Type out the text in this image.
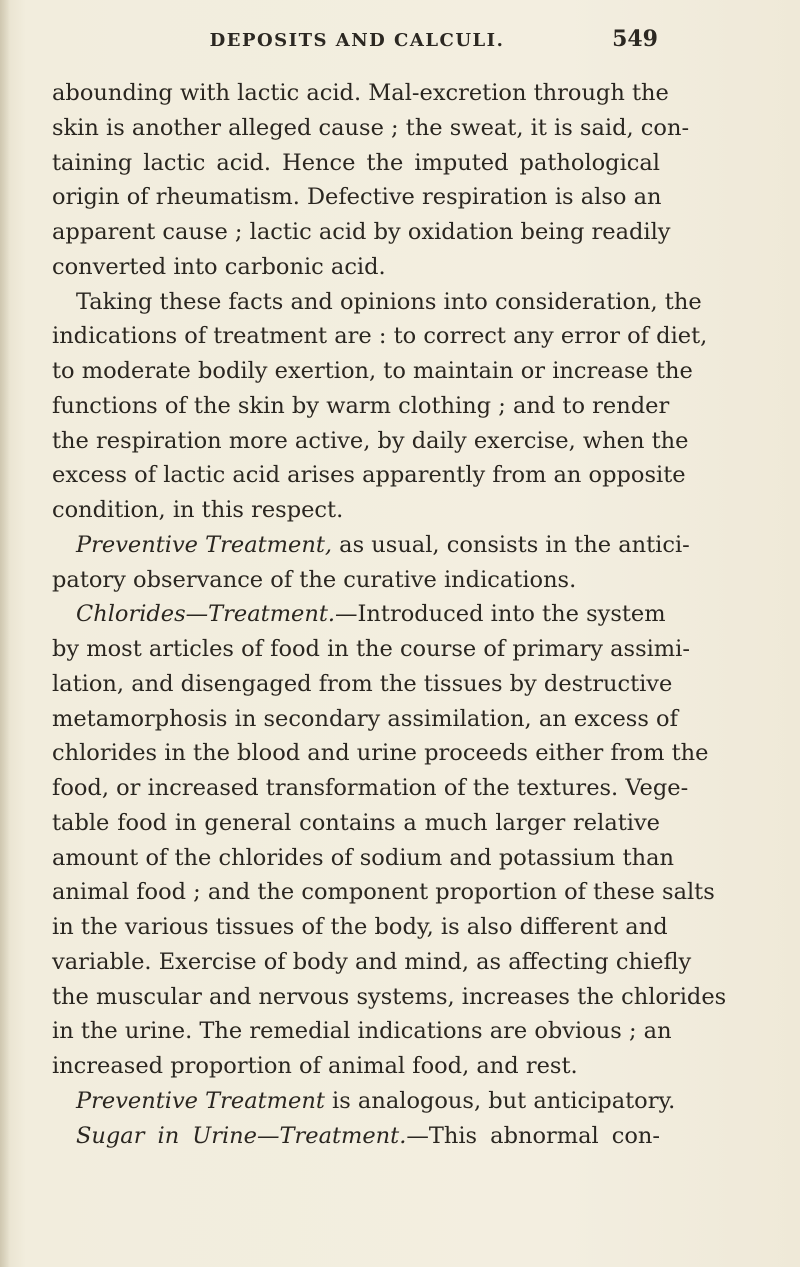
DEPOSITS AND CALCULI.	549
abounding with lactic acid. Mal-excretion through the
skin is another alleged cause ; the sweat, it is said, con-
taining lactic acid. Hence the imputed pathological
origin of rheumatism. Defective respiration is also an
apparent cause ; lactic acid by oxidation being readily
converted into carbonic acid.
Taking these facts and opinions into consideration, the
indications of treatment are : to correct any error of diet,
to moderate bodily exertion, to maintain or increase the
functions of the skin by warm clothing ; and to render
the respiration more active, by daily exercise, when the
excess of lactic acid arises apparently from an opposite
condition, in this respect.
Preventive Treatment, as usual, consists in the antici-
patory observance of the curative indications.
Chlorides—Treatment.—Introduced into the system
by most articles of food in the course of primary assimi-
lation, and disengaged from the tissues by destructive
metamorphosis in secondary assimilation, an excess of
chlorides in the blood and urine proceeds either from the
food, or increased transformation of the textures. Vege-
table food in general contains a much larger relative
amount of the chlorides of sodium and potassium than
animal food ; and the component proportion of these salts
in the various tissues of the body, is also different and
variable. Exercise of body and mind, as affecting chiefly
the muscular and nervous systems, increases the chlorides
in the urine. The remedial indications are obvious ; an
increased proportion of animal food, and rest.
Preventive Treatment is analogous, but anticipatory.
Sugar in Urine—Treatment.—This abnormal con-
